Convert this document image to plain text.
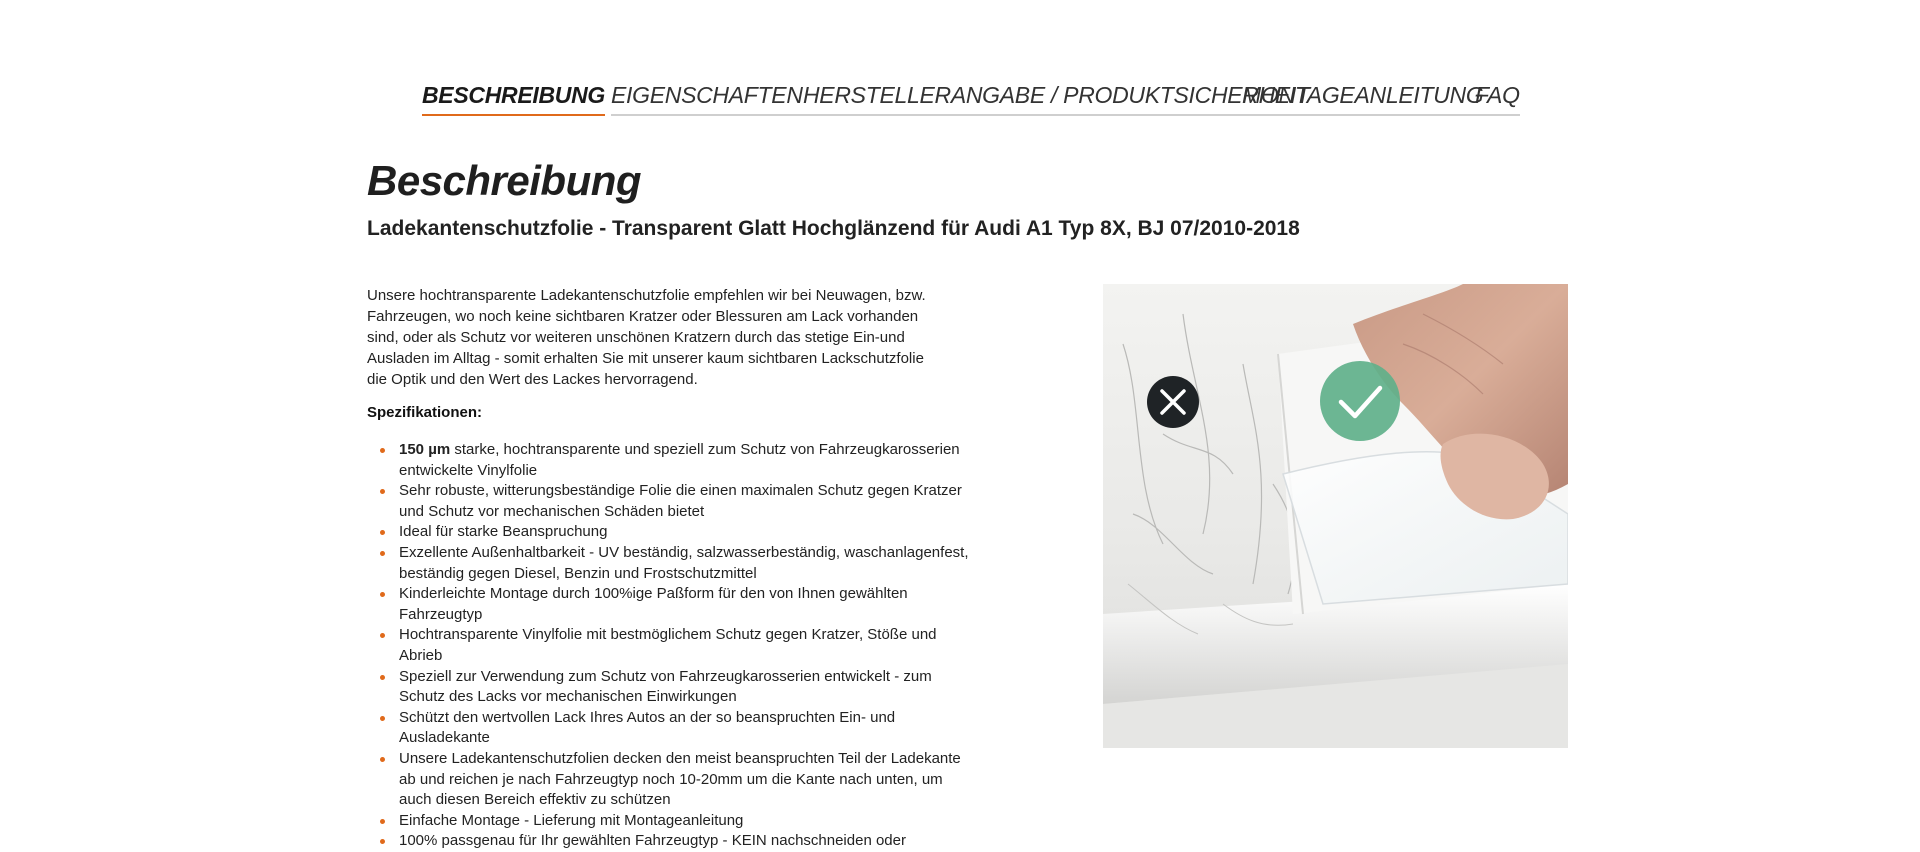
BESCHREIBUNG EIGENSCHAFTEN HERSTELLERANGABE / PRODUKTSICHERHEIT
MONTAGEANLEITUNG
FAQ
Beschreibung
Ladekantenschutzfolie - Transparent Glatt Hochglänzend für Audi A1 Typ 8X, BJ 07/2010-2018

Unsere hochtransparente Ladekantenschutzfolie empfehlen wir bei Neuwagen, bzw. Fahrzeugen, wo noch keine sichtbaren Kratzer oder Blessuren am Lack vorhanden sind, oder als Schutz vor weiteren unschönen Kratzern durch das stetige Ein-und Ausladen im Alltag - somit erhalten Sie mit unserer kaum sichtbaren Lackschutzfolie die Optik und den Wert des Lackes hervorragend.

Spezifikationen:

150 µm starke, hochtransparente und speziell zum Schutz von Fahrzeugkarosserien entwickelte Vinylfolie
Sehr robuste, witterungsbeständige Folie die einen maximalen Schutz gegen Kratzer und Schutz vor mechanischen Schäden bietet
Ideal für starke Beanspruchung
Exzellente Außenhaltbarkeit - UV beständig, salzwasserbeständig, waschanlagenfest, beständig gegen Diesel, Benzin und Frostschutzmittel
Kinderleichte Montage durch 100%ige Paßform für den von Ihnen gewählten Fahrzeugtyp
Hochtransparente Vinylfolie mit bestmöglichem Schutz gegen Kratzer, Stöße und Abrieb
Speziell zur Verwendung zum Schutz von Fahrzeugkarosserien entwickelt - zum Schutz des Lacks vor mechanischen Einwirkungen
Schützt den wertvollen Lack Ihres Autos an der so beanspruchten Ein- und Ausladekante
Unsere Ladekantenschutzfolien decken den meist beanspruchten Teil der Ladekante ab und reichen je nach Fahrzeugtyp noch 10-20mm um die Kante nach unten, um auch diesen Bereich effektiv zu schützen
Einfache Montage - Lieferung mit Montageanleitung
100% passgenau für Ihr gewählten Fahrzeugtyp - KEIN nachschneiden oder
